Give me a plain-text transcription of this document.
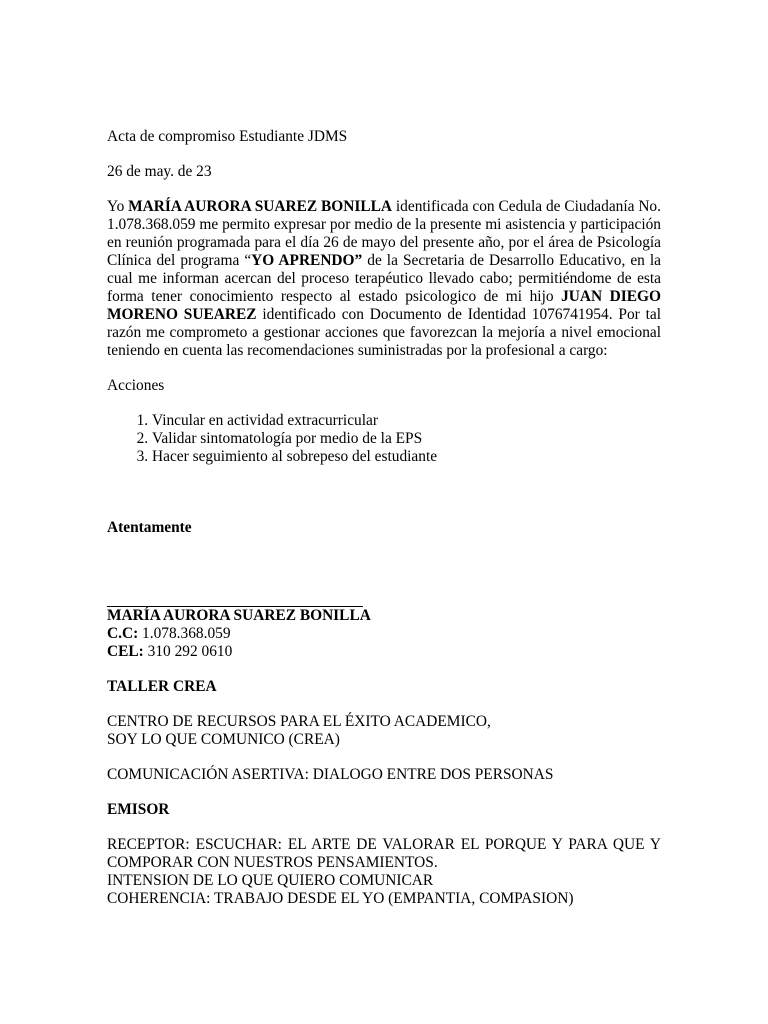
Acta de compromiso Estudiante JDMS

26 de may. de 23

Yo MARÍA AURORA SUAREZ BONILLA identificada con Cedula de Ciudadanía No. 1.078.368.059 me permito expresar por medio de la presente mi asistencia y participación en reunión programada para el día 26 de mayo del presente año, por el área de Psicología Clínica del programa “YO APRENDO” de la Secretaria de Desarrollo Educativo, en la cual me informan acercan del proceso terapéutico llevado cabo; permitiéndome de esta forma tener conocimiento respecto al estado psicologico de mi hijo JUAN DIEGO MORENO SUEAREZ identificado con Documento de Identidad 1076741954. Por tal razón me comprometo a gestionar acciones que favorezcan la mejoría a nivel emocional teniendo en cuenta las recomendaciones suministradas por la profesional a cargo:

Acciones

1. Vincular en actividad extracurricular
2. Validar sintomatología por medio de la EPS
3. Hacer seguimiento al sobrepeso del estudiante

Atentamente

MARÍA AURORA SUAREZ BONILLA

C.C: 1.078.368.059

CEL: 310 292 0610

TALLER CREA

CENTRO DE RECURSOS PARA EL ÉXITO ACADEMICO,

SOY LO QUE COMUNICO (CREA)

COMUNICACIÓN ASERTIVA: DIALOGO ENTRE DOS PERSONAS

EMISOR

RECEPTOR: ESCUCHAR: EL ARTE DE VALORAR EL PORQUE Y PARA QUE Y COMPORAR CON NUESTROS PENSAMIENTOS.

INTENSION DE LO QUE QUIERO COMUNICAR

COHERENCIA: TRABAJO DESDE EL YO (EMPANTIA, COMPASION)
